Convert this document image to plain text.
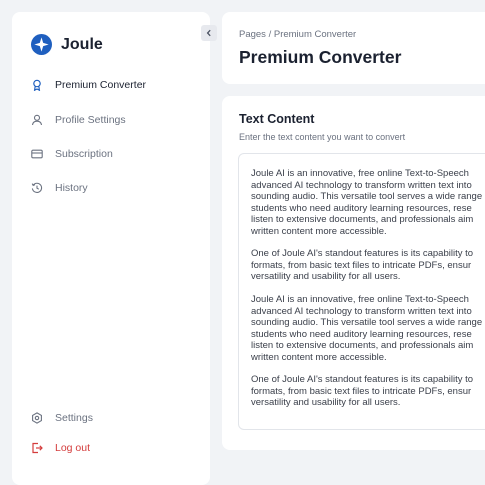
Joule
Premium Converter
Profile Settings
Subscription
History
Settings
Log out
Pages / Premium Converter
Premium Converter
Text Content
Enter the text content you want to convert
Joule AI is an innovative, free online Text-to-Speech
advanced AI technology to transform written text into
sounding audio. This versatile tool serves a wide range
students who need auditory learning resources, rese
listen to extensive documents, and professionals aim
written content more accessible.
One of Joule AI's standout features is its capability to
formats, from basic text files to intricate PDFs, ensur
versatility and usability for all users.
Joule AI is an innovative, free online Text-to-Speech
advanced AI technology to transform written text into
sounding audio. This versatile tool serves a wide range
students who need auditory learning resources, rese
listen to extensive documents, and professionals aim
written content more accessible.
One of Joule AI's standout features is its capability to
formats, from basic text files to intricate PDFs, ensur
versatility and usability for all users.
